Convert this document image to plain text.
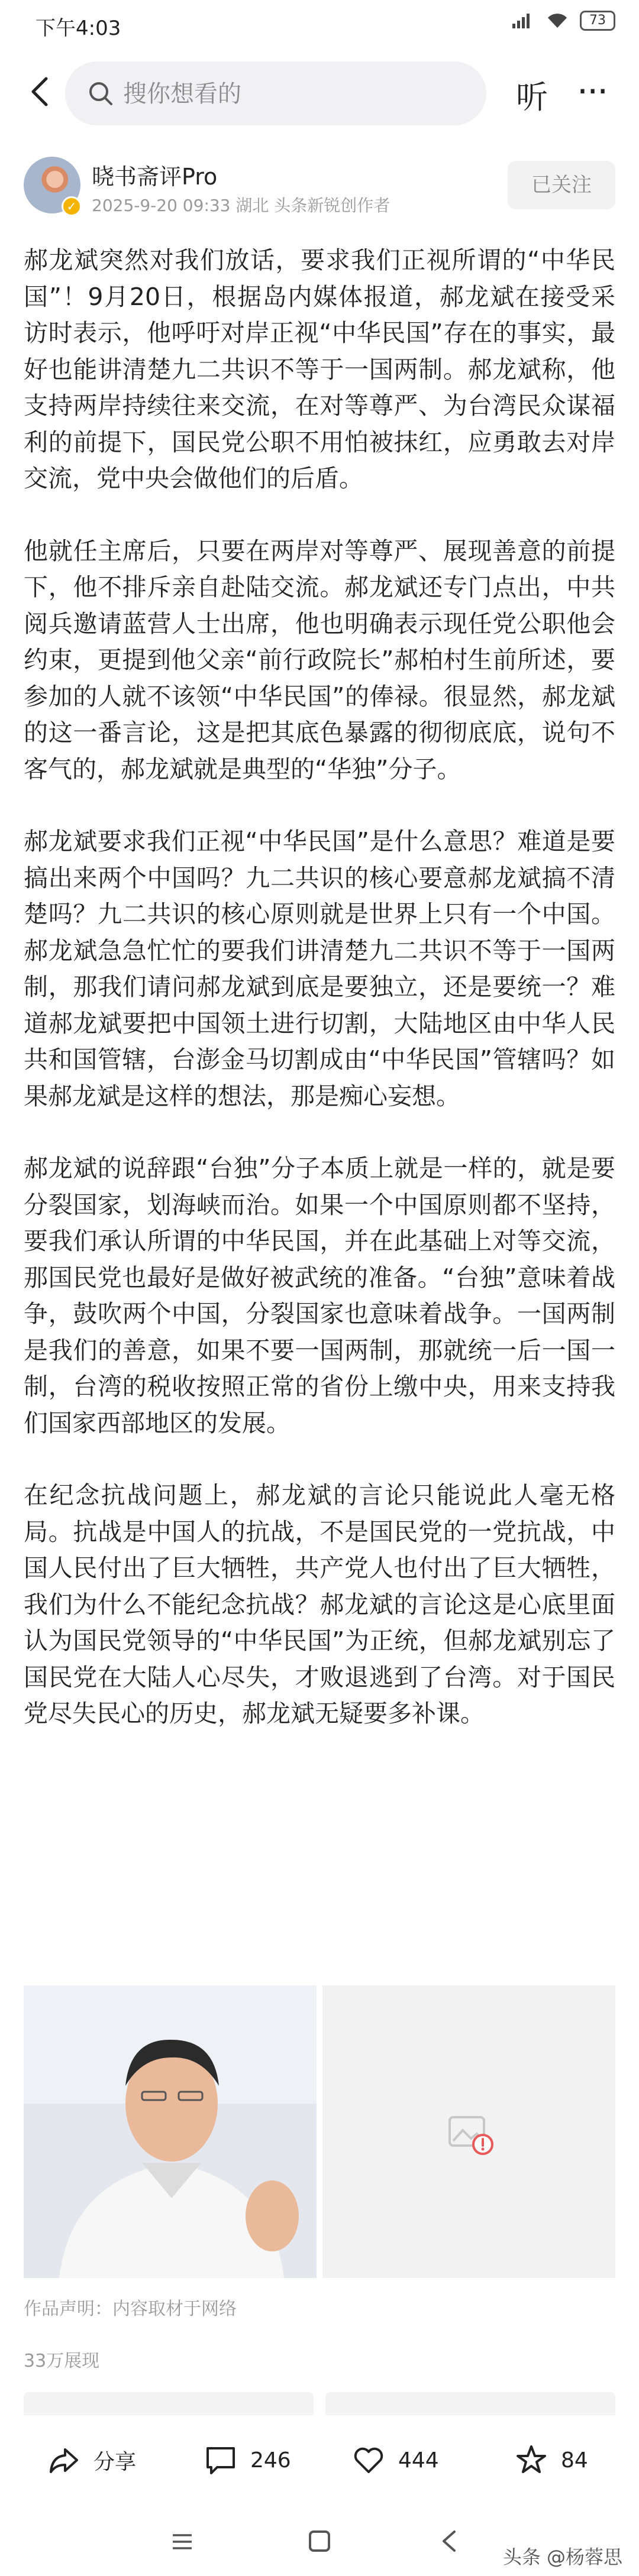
下午4:03	73
搜你想看的
听 ···
✓
晓书斋评Pro
2025-9-20 09:33 湖北 头条新锐创作者
已关注

郝龙斌突然对我们放话，要求我们正视所谓的“中华民国”！9月20日，根据岛内媒体报道，郝龙斌在接受采访时表示，他呼吁对岸正视“中华民国”存在的事实，最好也能讲清楚九二共识不等于一国两制。郝龙斌称，他支持两岸持续往来交流，在对等尊严、为台湾民众谋福利的前提下，国民党公职不用怕被抹红，应勇敢去对岸交流，党中央会做他们的后盾。

他就任主席后，只要在两岸对等尊严、展现善意的前提下，他不排斥亲自赴陆交流。郝龙斌还专门点出，中共阅兵邀请蓝营人士出席，他也明确表示现任党公职他会约束，更提到他父亲“前行政院长”郝柏村生前所述，要参加的人就不该领“中华民国”的俸禄。很显然，郝龙斌的这一番言论，这是把其底色暴露的彻彻底底，说句不客气的，郝龙斌就是典型的“华独”分子。

郝龙斌要求我们正视“中华民国”是什么意思？难道是要搞出来两个中国吗？九二共识的核心要意郝龙斌搞不清楚吗？九二共识的核心原则就是世界上只有一个中国。郝龙斌急急忙忙的要我们讲清楚九二共识不等于一国两制，那我们请问郝龙斌到底是要独立，还是要统一？难道郝龙斌要把中国领土进行切割，大陆地区由中华人民共和国管辖，台澎金马切割成由“中华民国”管辖吗？如果郝龙斌是这样的想法，那是痴心妄想。

郝龙斌的说辞跟“台独”分子本质上就是一样的，就是要分裂国家，划海峡而治。如果一个中国原则都不坚持，要我们承认所谓的中华民国，并在此基础上对等交流，那国民党也最好是做好被武统的准备。“台独”意味着战争，鼓吹两个中国，分裂国家也意味着战争。一国两制是我们的善意，如果不要一国两制，那就统一后一国一制，台湾的税收按照正常的省份上缴中央，用来支持我们国家西部地区的发展。

在纪念抗战问题上，郝龙斌的言论只能说此人毫无格局。抗战是中国人的抗战，不是国民党的一党抗战，中国人民付出了巨大牺牲，共产党人也付出了巨大牺牲，我们为什么不能纪念抗战？郝龙斌的言论这是心底里面认为国民党领导的“中华民国”为正统，但郝龙斌别忘了国民党在大陆人心尽失，才败退逃到了台湾。对于国民党尽失民心的历史，郝龙斌无疑要多补课。

作品声明：内容取材于网络
33万展现
分享	246	444	84
头条 @杨蓉思
